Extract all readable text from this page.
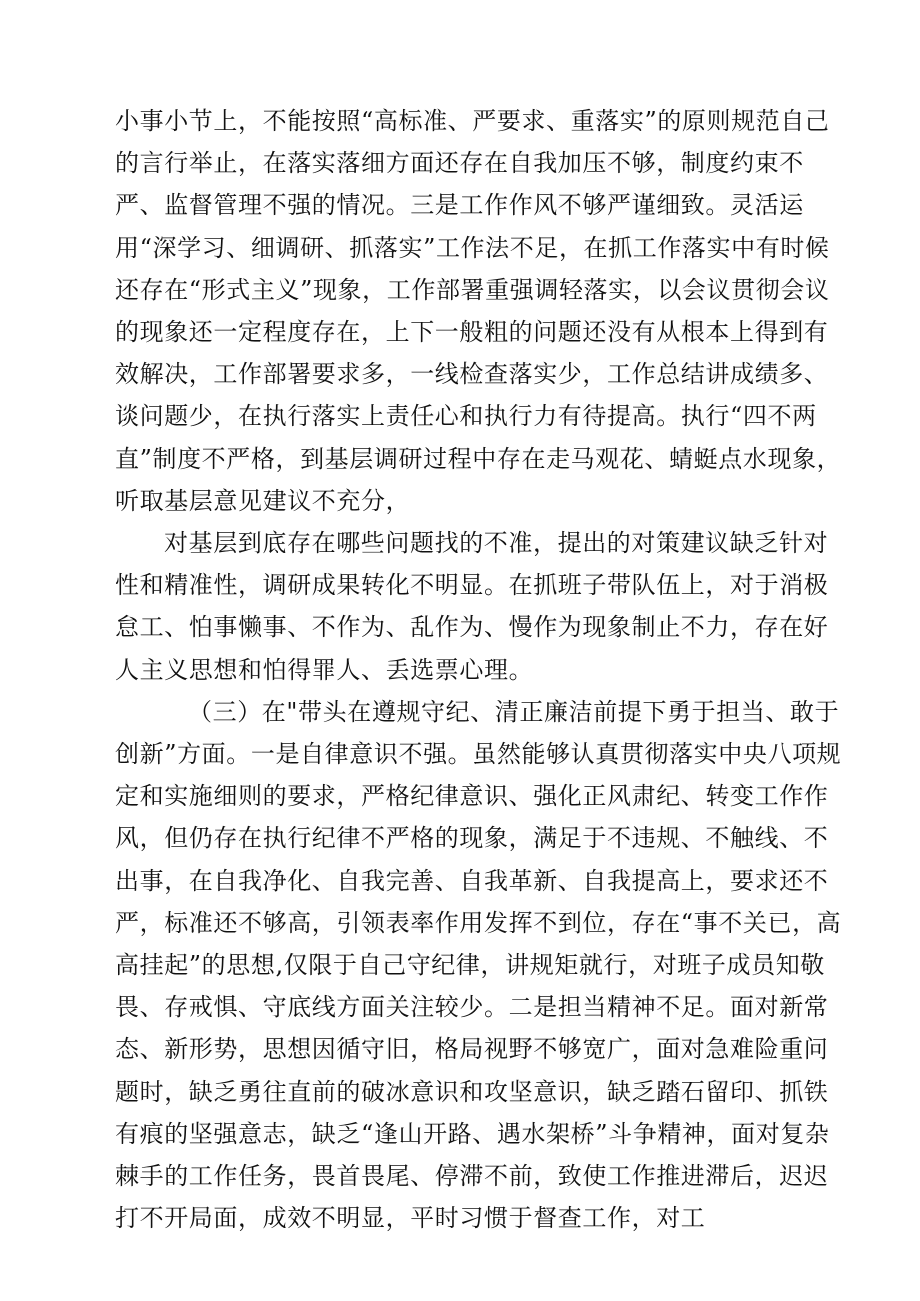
小事小节上，不能按照“高标准、严要求、重落实”的原则规范自己的言行举止，在落实落细方面还存在自我加压不够，制度约束不严、监督管理不强的情况。三是工作作风不够严谨细致。灵活运用“深学习、细调研、抓落实”工作法不足，在抓工作落实中有时候还存在“形式主义”现象，工作部署重强调轻落实，以会议贯彻会议的现象还一定程度存在，上下一般粗的问题还没有从根本上得到有效解决，工作部署要求多，一线检查落实少，工作总结讲成绩多、谈问题少，在执行落实上责任心和执行力有待提高。执行“四不两直”制度不严格，到基层调研过程中存在走马观花、蜻蜓点水现象，听取基层意见建议不充分，

对基层到底存在哪些问题找的不准，提出的对策建议缺乏针对性和精准性，调研成果转化不明显。在抓班子带队伍上，对于消极怠工、怕事懒事、不作为、乱作为、慢作为现象制止不力，存在好人主义思想和怕得罪人、丢选票心理。

（三）在"带头在遵规守纪、清正廉洁前提下勇于担当、敢于创新”方面。一是自律意识不强。虽然能够认真贯彻落实中央八项规定和实施细则的要求，严格纪律意识、强化正风肃纪、转变工作作风，但仍存在执行纪律不严格的现象，满足于不违规、不触线、不出事，在自我净化、自我完善、自我革新、自我提高上，要求还不严，标准还不够高，引领表率作用发挥不到位，存在“事不关已，高高挂起”的思想,仅限于自己守纪律，讲规矩就行，对班子成员知敬畏、存戒惧、守底线方面关注较少。二是担当精神不足。面对新常态、新形势，思想因循守旧，格局视野不够宽广，面对急难险重问题时，缺乏勇往直前的破冰意识和攻坚意识，缺乏踏石留印、抓铁有痕的坚强意志，缺乏“逢山开路、遇水架桥”斗争精神，面对复杂棘手的工作任务，畏首畏尾、停滞不前，致使工作推进滞后，迟迟打不开局面，成效不明显，平时习惯于督查工作，对工
